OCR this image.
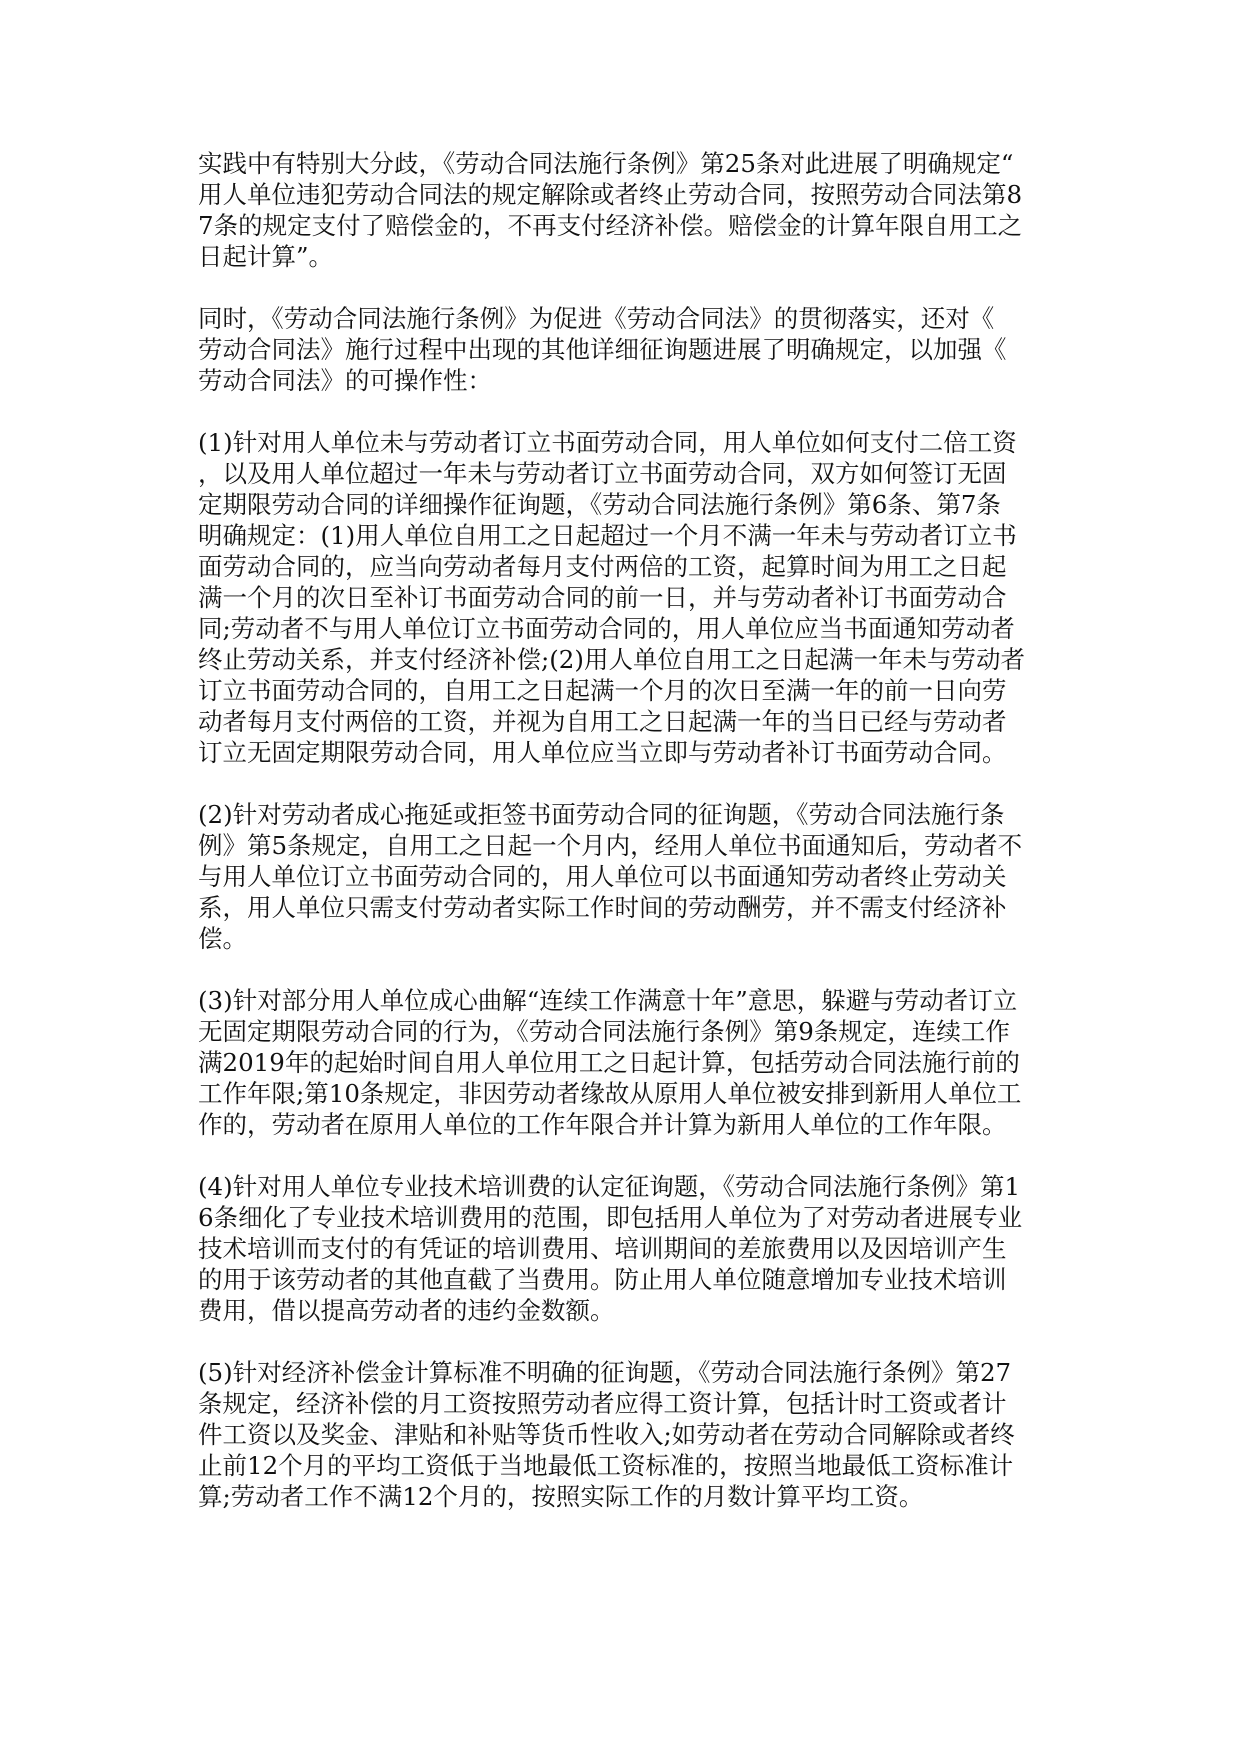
实践中有特别大分歧，《劳动合同法施行条例》第25条对此进展了明确规定“
用人单位违犯劳动合同法的规定解除或者终止劳动合同，按照劳动合同法第8
7条的规定支付了赔偿金的，不再支付经济补偿。赔偿金的计算年限自用工之
日起计算”。

同时，《劳动合同法施行条例》为促进《劳动合同法》的贯彻落实，还对《
劳动合同法》施行过程中出现的其他详细征询题进展了明确规定，以加强《
劳动合同法》的可操作性：

(1)针对用人单位未与劳动者订立书面劳动合同，用人单位如何支付二倍工资
，以及用人单位超过一年未与劳动者订立书面劳动合同，双方如何签订无固
定期限劳动合同的详细操作征询题，《劳动合同法施行条例》第6条、第7条
明确规定：(1)用人单位自用工之日起超过一个月不满一年未与劳动者订立书
面劳动合同的，应当向劳动者每月支付两倍的工资，起算时间为用工之日起
满一个月的次日至补订书面劳动合同的前一日，并与劳动者补订书面劳动合
同;劳动者不与用人单位订立书面劳动合同的，用人单位应当书面通知劳动者
终止劳动关系，并支付经济补偿;(2)用人单位自用工之日起满一年未与劳动者
订立书面劳动合同的，自用工之日起满一个月的次日至满一年的前一日向劳
动者每月支付两倍的工资，并视为自用工之日起满一年的当日已经与劳动者
订立无固定期限劳动合同，用人单位应当立即与劳动者补订书面劳动合同。

(2)针对劳动者成心拖延或拒签书面劳动合同的征询题，《劳动合同法施行条
例》第5条规定，自用工之日起一个月内，经用人单位书面通知后，劳动者不
与用人单位订立书面劳动合同的，用人单位可以书面通知劳动者终止劳动关
系，用人单位只需支付劳动者实际工作时间的劳动酬劳，并不需支付经济补
偿。

(3)针对部分用人单位成心曲解“连续工作满意十年”意思，躲避与劳动者订立
无固定期限劳动合同的行为，《劳动合同法施行条例》第9条规定，连续工作
满2019年的起始时间自用人单位用工之日起计算，包括劳动合同法施行前的
工作年限;第10条规定，非因劳动者缘故从原用人单位被安排到新用人单位工
作的，劳动者在原用人单位的工作年限合并计算为新用人单位的工作年限。

(4)针对用人单位专业技术培训费的认定征询题，《劳动合同法施行条例》第1
6条细化了专业技术培训费用的范围，即包括用人单位为了对劳动者进展专业
技术培训而支付的有凭证的培训费用、培训期间的差旅费用以及因培训产生
的用于该劳动者的其他直截了当费用。防止用人单位随意增加专业技术培训
费用，借以提高劳动者的违约金数额。

(5)针对经济补偿金计算标准不明确的征询题，《劳动合同法施行条例》第27
条规定，经济补偿的月工资按照劳动者应得工资计算，包括计时工资或者计
件工资以及奖金、津贴和补贴等货币性收入;如劳动者在劳动合同解除或者终
止前12个月的平均工资低于当地最低工资标准的，按照当地最低工资标准计
算;劳动者工作不满12个月的，按照实际工作的月数计算平均工资。
